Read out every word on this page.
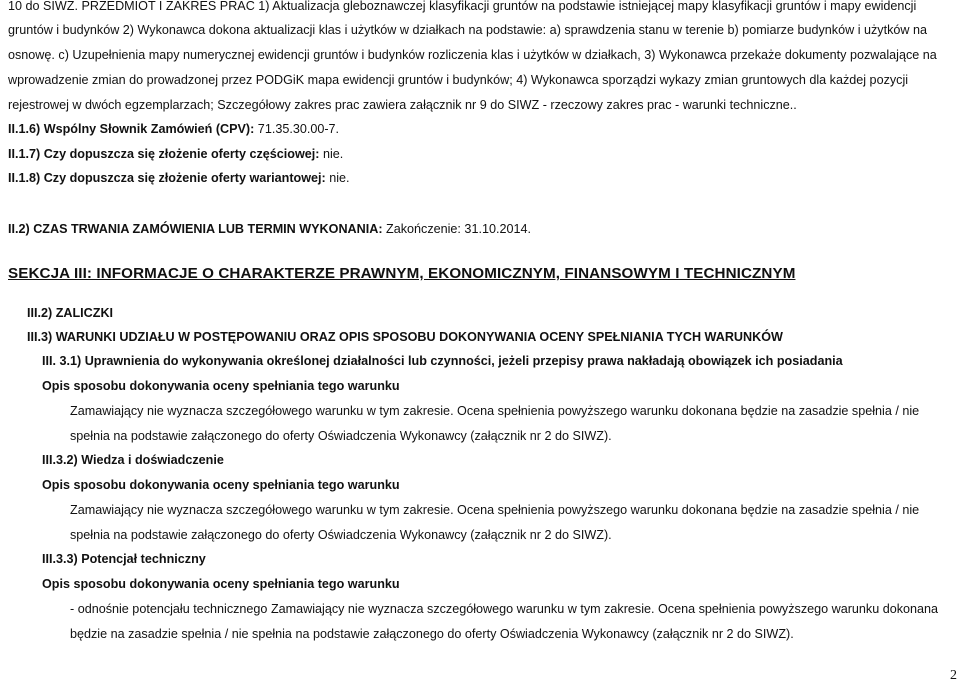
10 do SIWZ. PRZEDMIOT I ZAKRES PRAC 1) Aktualizacja gleboznawczej klasyfikacji gruntów na podstawie istniejącej mapy klasyfikacji gruntów i mapy ewidencji
gruntów i budynków 2) Wykonawca dokona aktualizacji klas i użytków w działkach na podstawie: a) sprawdzenia stanu w terenie b) pomiarze budynków i użytków na
osnowę. c) Uzupełnienia mapy numerycznej ewidencji gruntów i budynków rozliczenia klas i użytków w działkach, 3) Wykonawca przekaże dokumenty pozwalające na
wprowadzenie zmian do prowadzonej przez PODGiK mapa ewidencji gruntów i budynków; 4) Wykonawca sporządzi wykazy zmian gruntowych dla każdej pozycji
rejestrowej w dwóch egzemplarzach; Szczegółowy zakres prac zawiera załącznik nr 9 do SIWZ - rzeczowy zakres prac - warunki techniczne..
II.1.6) Wspólny Słownik Zamówień (CPV): 71.35.30.00-7.
II.1.7) Czy dopuszcza się złożenie oferty częściowej: nie.
II.1.8) Czy dopuszcza się złożenie oferty wariantowej: nie.
II.2) CZAS TRWANIA ZAMÓWIENIA LUB TERMIN WYKONANIA: Zakończenie: 31.10.2014.
SEKCJA III: INFORMACJE O CHARAKTERZE PRAWNYM, EKONOMICZNYM, FINANSOWYM I TECHNICZNYM
III.2) ZALICZKI
III.3) WARUNKI UDZIAŁU W POSTĘPOWANIU ORAZ OPIS SPOSOBU DOKONYWANIA OCENY SPEŁNIANIA TYCH WARUNKÓW
III. 3.1) Uprawnienia do wykonywania określonej działalności lub czynności, jeżeli przepisy prawa nakładają obowiązek ich posiadania
Opis sposobu dokonywania oceny spełniania tego warunku
Zamawiający nie wyznacza szczegółowego warunku w tym zakresie. Ocena spełnienia powyższego warunku dokonana będzie na zasadzie spełnia / nie
spełnia na podstawie załączonego do oferty Oświadczenia Wykonawcy (załącznik nr 2 do SIWZ).
III.3.2) Wiedza i doświadczenie
Opis sposobu dokonywania oceny spełniania tego warunku
Zamawiający nie wyznacza szczegółowego warunku w tym zakresie. Ocena spełnienia powyższego warunku dokonana będzie na zasadzie spełnia / nie
spełnia na podstawie załączonego do oferty Oświadczenia Wykonawcy (załącznik nr 2 do SIWZ).
III.3.3) Potencjał techniczny
Opis sposobu dokonywania oceny spełniania tego warunku
- odnośnie potencjału technicznego Zamawiający nie wyznacza szczegółowego warunku w tym zakresie. Ocena spełnienia powyższego warunku dokonana
będzie na zasadzie spełnia / nie spełnia na podstawie załączonego do oferty Oświadczenia Wykonawcy (załącznik nr 2 do SIWZ).
2
